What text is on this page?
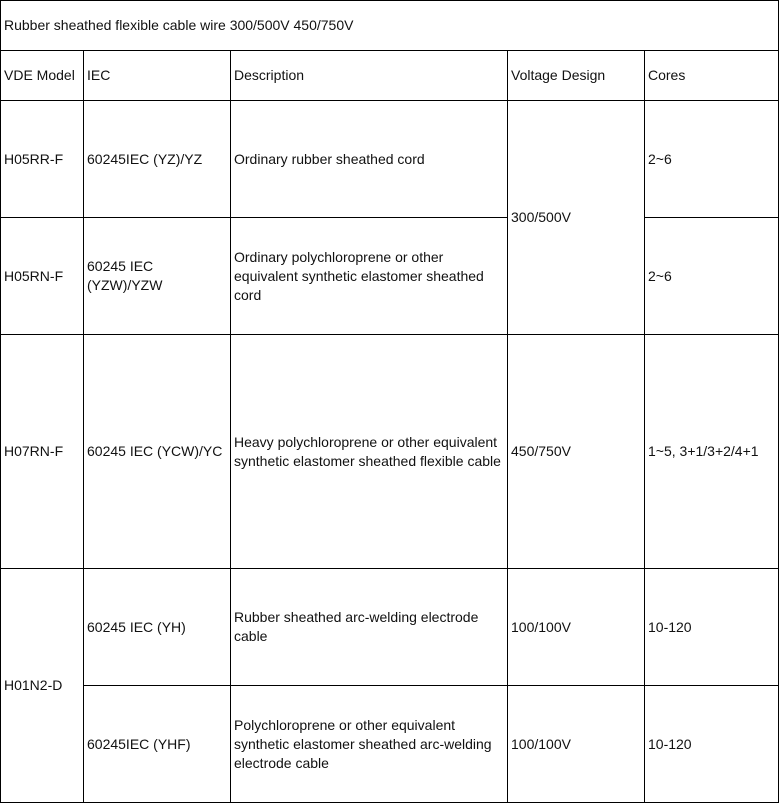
Rubber sheathed flexible cable wire 300/500V 450/750V				
VDE Model	IEC	Description	Voltage Design	Cores
H05RR-F	60245IEC (YZ)/YZ	Ordinary rubber sheathed cord	300/500V	2~6
H05RN-F	60245 IEC (YZW)/YZW	Ordinary polychloroprene or other equivalent synthetic elastomer sheathed cord		2~6
H07RN-F	60245 IEC (YCW)/YC	Heavy polychloroprene or other equivalent synthetic elastomer sheathed flexible cable	450/750V	1~5, 3+1/3+2/4+1
H01N2-D	60245 IEC (YH)	Rubber sheathed arc-welding electrode cable	100/100V	10-120
	60245IEC (YHF)	Polychloroprene or other equivalent synthetic elastomer sheathed arc-welding electrode cable	100/100V	10-120
